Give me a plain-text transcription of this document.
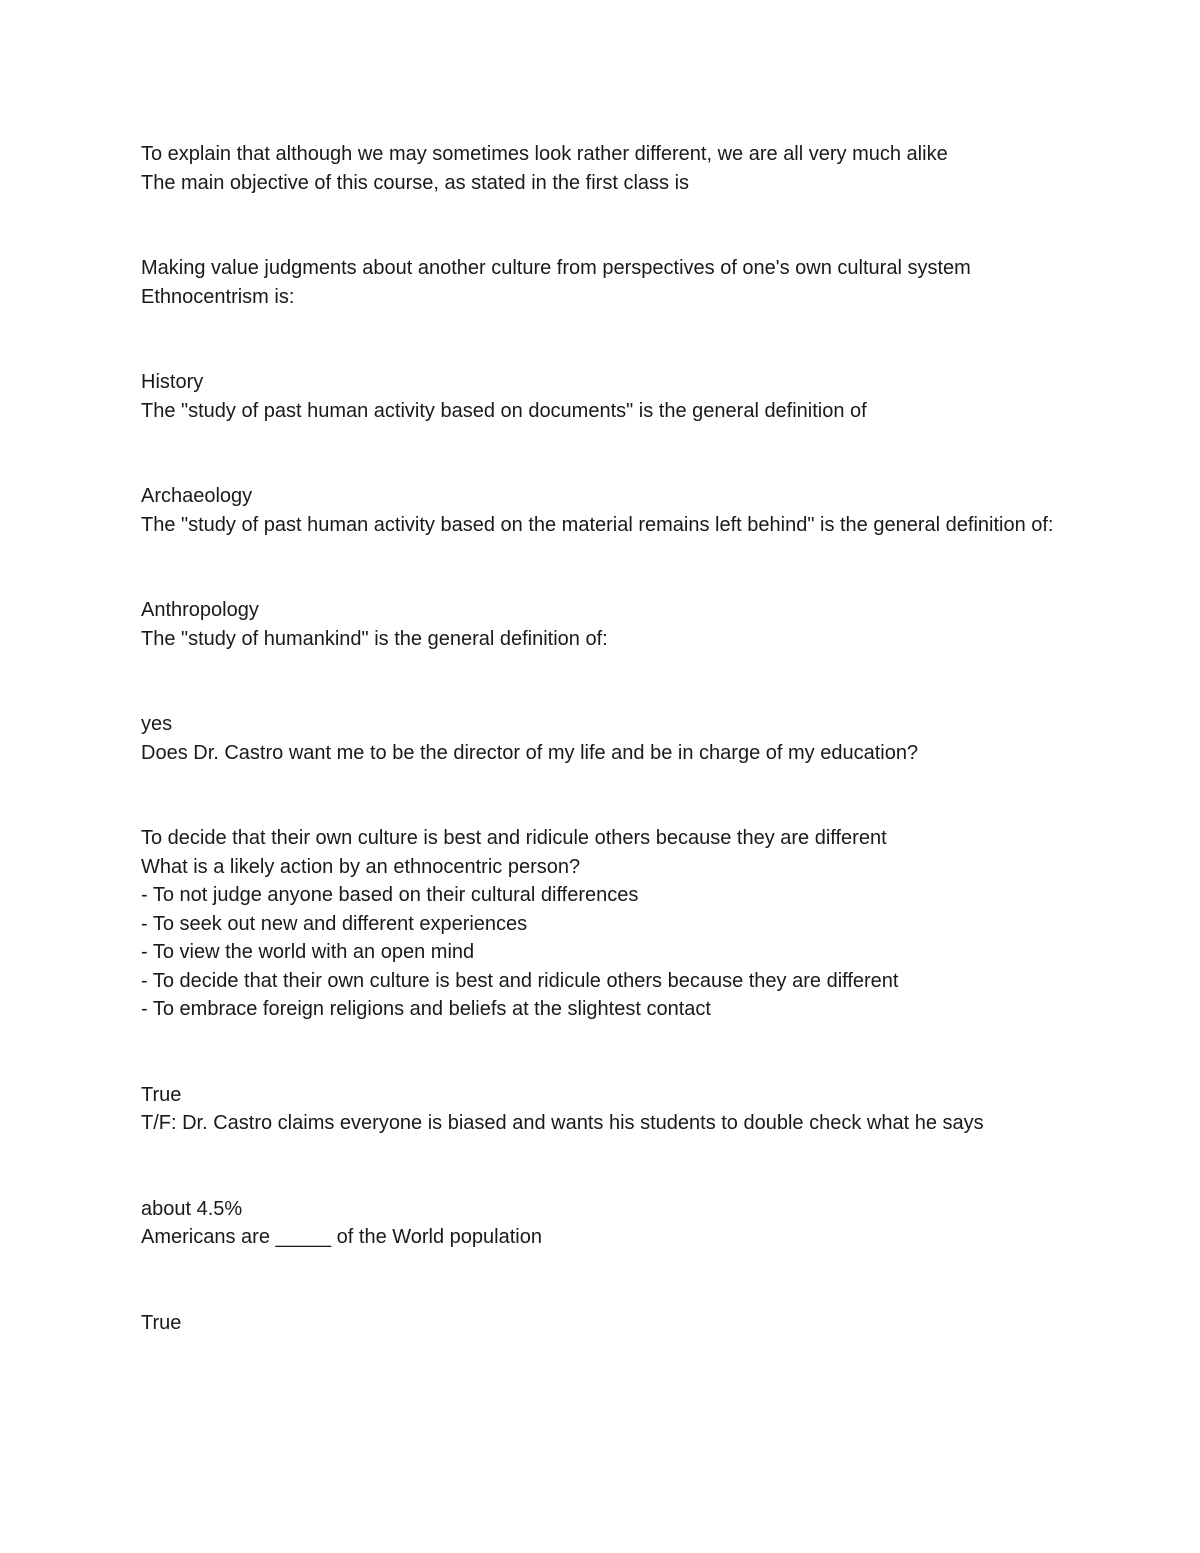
To explain that although we may sometimes look rather different, we are all very much alike
The main objective of this course, as stated in the first class is
Making value judgments about another culture from perspectives of one's own cultural system
Ethnocentrism is:
History
The "study of past human activity based on documents" is the general definition of
Archaeology
The "study of past human activity based on the material remains left behind" is the general definition of:
Anthropology
The "study of humankind" is the general definition of:
yes
Does Dr. Castro want me to be the director of my life and be in charge of my education?
To decide that their own culture is best and ridicule others because they are different
What is a likely action by an ethnocentric person?
- To not judge anyone based on their cultural differences
- To seek out new and different experiences
- To view the world with an open mind
- To decide that their own culture is best and ridicule others because they are different
- To embrace foreign religions and beliefs at the slightest contact
True
T/F: Dr. Castro claims everyone is biased and wants his students to double check what he says
about 4.5%
Americans are _____ of the World population
True
